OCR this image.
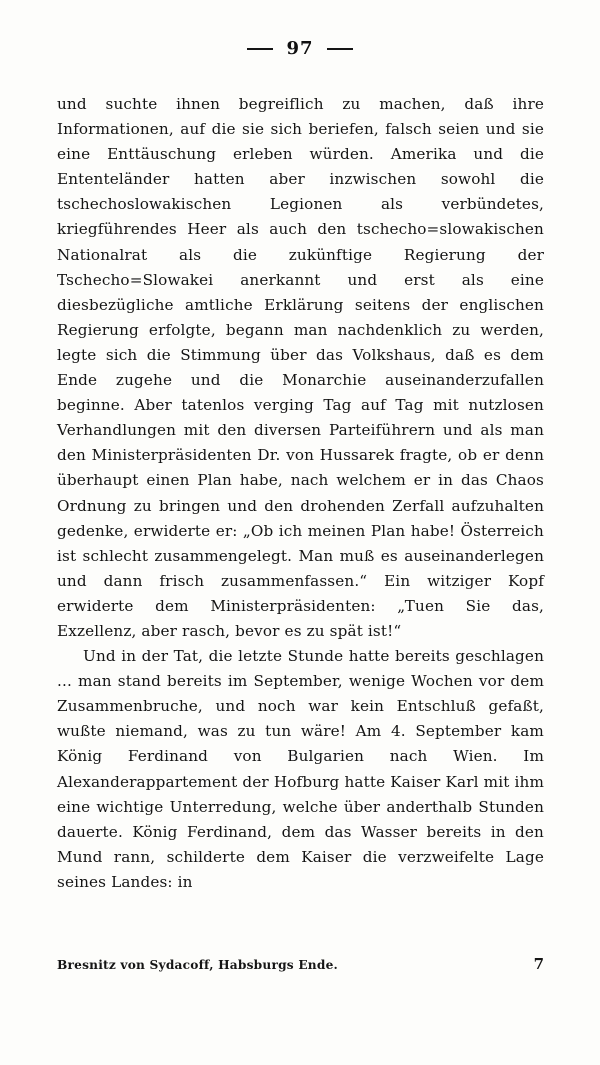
97

und suchte ihnen begreiflich zu machen, daß ihre Informationen, auf die sie sich beriefen, falsch seien und sie eine Enttäuschung erleben würden. Amerika und die Ententeländer hatten aber inzwischen sowohl die tschechoslowakischen Legionen als verbündetes, kriegführendes Heer als auch den tschecho=slowakischen Nationalrat als die zukünftige Regierung der Tschecho=Slowakei anerkannt und erst als eine diesbezügliche amtliche Erklärung seitens der englischen Regierung erfolgte, begann man nachdenklich zu werden, legte sich die Stimmung über das Volkshaus, daß es dem Ende zugehe und die Monarchie auseinanderzufallen beginne. Aber tatenlos verging Tag auf Tag mit nutzlosen Verhandlungen mit den diversen Parteiführern und als man den Ministerpräsidenten Dr. von Hussarek fragte, ob er denn überhaupt einen Plan habe, nach welchem er in das Chaos Ordnung zu bringen und den drohenden Zerfall aufzuhalten gedenke, erwiderte er: „Ob ich meinen Plan habe! Österreich ist schlecht zusammengelegt. Man muß es auseinanderlegen und dann frisch zusammenfassen.“ Ein witziger Kopf erwiderte dem Ministerpräsidenten: „Tuen Sie das, Exzellenz, aber rasch, bevor es zu spät ist!“

Und in der Tat, die letzte Stunde hatte bereits geschlagen ... man stand bereits im September, wenige Wochen vor dem Zusammenbruche, und noch war kein Entschluß gefaßt, wußte niemand, was zu tun wäre! Am 4. September kam König Ferdinand von Bulgarien nach Wien. Im Alexanderappartement der Hofburg hatte Kaiser Karl mit ihm eine wichtige Unterredung, welche über anderthalb Stunden dauerte. König Ferdinand, dem das Wasser bereits in den Mund rann, schilderte dem Kaiser die verzweifelte Lage seines Landes: in

Bresnitz von Sydacoff, Habsburgs Ende.	7
